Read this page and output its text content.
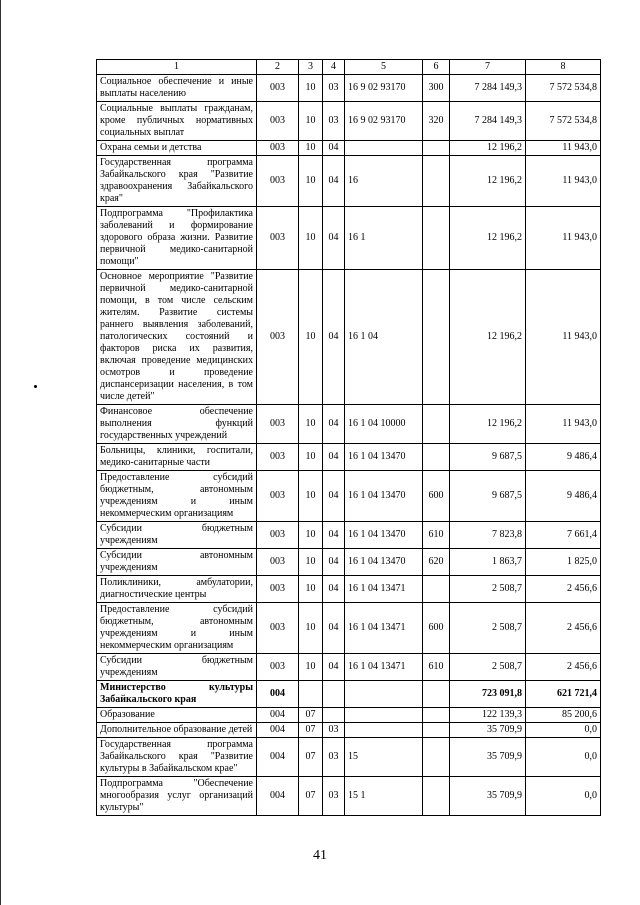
1	2	3	4	5	6	7	8
Социальное обеспечение и иные выплаты населению	003	10	03	16 9 02 93170	300	7 284 149,3	7 572 534,8
Социальные выплаты гражданам, кроме публичных нормативных социальных выплат	003	10	03	16 9 02 93170	320	7 284 149,3	7 572 534,8
Охрана семьи и детства	003	10	04			12 196,2	11 943,0
Государственная программа Забайкальского края "Развитие здравоохранения Забайкальского края"	003	10	04	16		12 196,2	11 943,0
Подпрограмма "Профилактика заболеваний и формирование здорового образа жизни. Развитие первичной медико-санитарной помощи"	003	10	04	16 1		12 196,2	11 943,0
Основное мероприятие "Развитие первичной медико-санитарной помощи, в том числе сельским жителям. Развитие системы раннего выявления заболеваний, патологических состояний и факторов риска их развития, включая проведение медицинских осмотров и проведение диспансеризации населения, в том числе детей"	003	10	04	16 1 04		12 196,2	11 943,0
Финансовое обеспечение выполнения функций государственных учреждений	003	10	04	16 1 04 10000		12 196,2	11 943,0
Больницы, клиники, госпитали, медико-санитарные части	003	10	04	16 1 04 13470		9 687,5	9 486,4
Предоставление субсидий бюджетным, автономным учреждениям и иным некоммерческим организациям	003	10	04	16 1 04 13470	600	9 687,5	9 486,4
Субсидии бюджетным учреждениям	003	10	04	16 1 04 13470	610	7 823,8	7 661,4
Субсидии автономным учреждениям	003	10	04	16 1 04 13470	620	1 863,7	1 825,0
Поликлиники, амбулатории, диагностические центры	003	10	04	16 1 04 13471		2 508,7	2 456,6
Предоставление субсидий бюджетным, автономным учреждениям и иным некоммерческим организациям	003	10	04	16 1 04 13471	600	2 508,7	2 456,6
Субсидии бюджетным учреждениям	003	10	04	16 1 04 13471	610	2 508,7	2 456,6
Министерство культуры Забайкальского края	004					723 091,8	621 721,4
Образование	004	07				122 139,3	85 200,6
Дополнительное образование детей	004	07	03			35 709,9	0,0
Государственная программа Забайкальского края "Развитие культуры в Забайкальском крае"	004	07	03	15		35 709,9	0,0
Подпрограмма "Обеспечение многообразия услуг организаций культуры"	004	07	03	15 1		35 709,9	0,0
41
